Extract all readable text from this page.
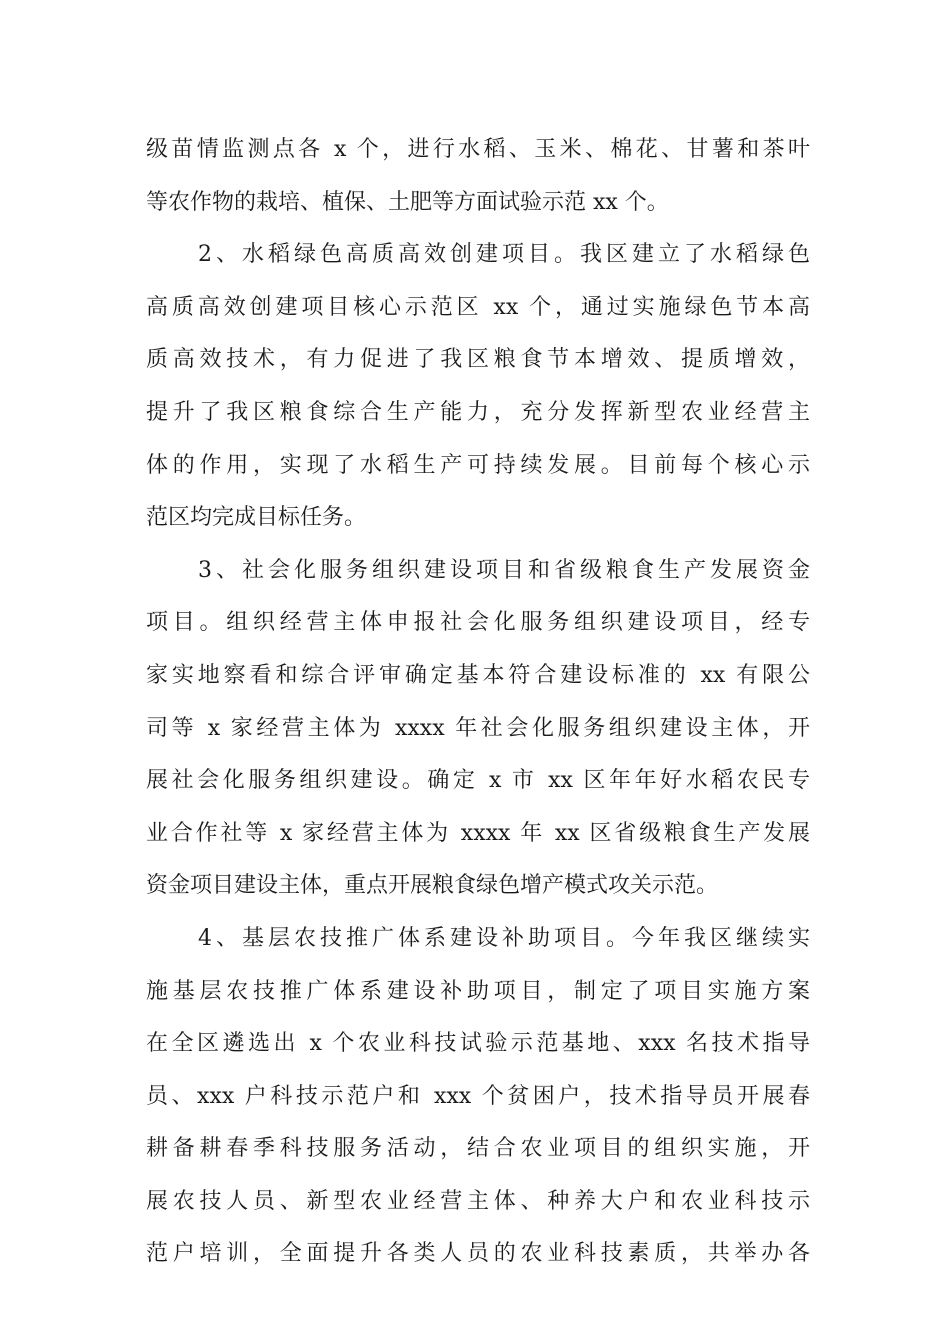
级苗情监测点各 x 个，进行水稻、玉米、棉花、甘薯和茶叶
等农作物的栽培、植保、土肥等方面试验示范 xx 个。
　　2、水稻绿色高质高效创建项目。我区建立了水稻绿色
高质高效创建项目核心示范区 xx 个，通过实施绿色节本高
质高效技术，有力促进了我区粮食节本增效、提质增效，
提升了我区粮食综合生产能力，充分发挥新型农业经营主
体的作用，实现了水稻生产可持续发展。目前每个核心示
范区均完成目标任务。
　　3、社会化服务组织建设项目和省级粮食生产发展资金
项目。组织经营主体申报社会化服务组织建设项目，经专
家实地察看和综合评审确定基本符合建设标准的 xx 有限公
司等 x 家经营主体为 xxxx 年社会化服务组织建设主体，开
展社会化服务组织建设。确定 x 市 xx 区年年好水稻农民专
业合作社等 x 家经营主体为 xxxx 年 xx 区省级粮食生产发展
资金项目建设主体，重点开展粮食绿色增产模式攻关示范。
　　4、基层农技推广体系建设补助项目。今年我区继续实
施基层农技推广体系建设补助项目，制定了项目实施方案
在全区遴选出 x 个农业科技试验示范基地、xxx 名技术指导
员、xxx 户科技示范户和 xxx 个贫困户，技术指导员开展春
耕备耕春季科技服务活动，结合农业项目的组织实施，开
展农技人员、新型农业经营主体、种养大户和农业科技示
范户培训，全面提升各类人员的农业科技素质，共举办各
